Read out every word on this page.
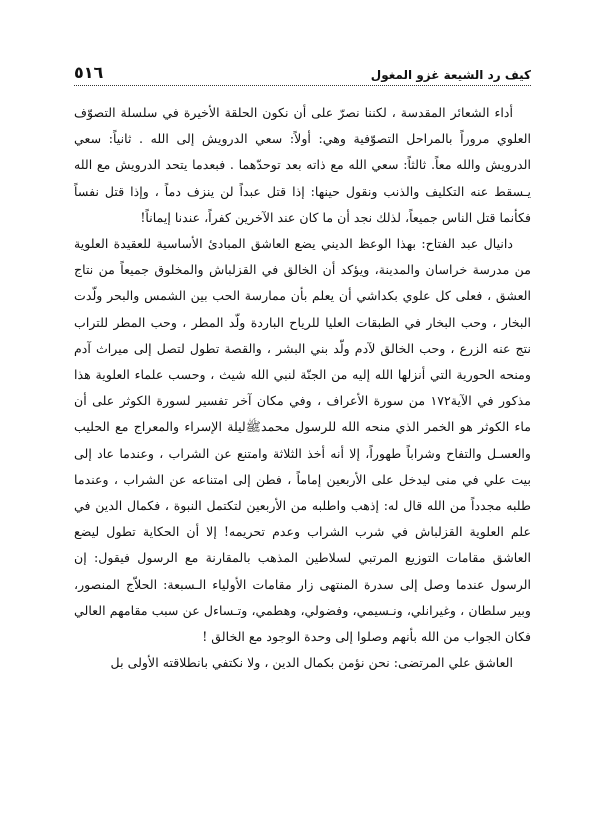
٥١٦	كيف رد الشيعة غزو المغول

أداء الشعائر المقدسة ، لكننا نصرّ على أن نكون الحلقة الأخيرة في سلسلة التصوّف العلوي مروراً بالمراحل التصوّفية وهي: أولاً: سعي الدرويش إلى الله . ثانياً: سعي الدرويش والله معاً. ثالثاً: سعي الله مع ذاته بعد توحدّهما . فبعدما يتحد الدرويش مع الله يـسقط عنه التكليف والذنب ونقول حينها: إذا قتل عبداً لن ينزف دماً ، وإذا قتل نفساً فكأنما قتل الناس جميعاً، لذلك نجد أن ما كان عند الآخرين كفراً، عندنا إيماناً!

دانيال عبد الفتاح: بهذا الوعظ الديني يضع العاشق المبادئ الأساسية للعقيدة العلوية من مدرسة خراسان والمدينة، ويؤكد أن الخالق في القزلباش والمخلوق جميعاً من نتاج العشق ، فعلى كل علوي بكداشي أن يعلم بأن ممارسة الحب بين الشمس والبحر ولّدت البخار ، وحب البخار في الطبقات العليا للرياح الباردة ولّد المطر ، وحب المطر للتراب نتج عنه الزرع ، وحب الخالق لآدم ولّد بني البشر ، والقصة تطول لتصل إلى ميراث آدم ومنحه الحورية التي أنزلها الله إليه من الجنّة لنبي الله شيث ، وحسب علماء العلوية هذا مذكور في الآية١٧٢ من سورة الأعراف ، وفي مكان آخر تفسير لسورة الكوثر على أن ماء الكوثر هو الخمر الذي منحه الله للرسول محمدﷺليلة الإسراء والمعراج مع الحليب والعسـل والتفاح وشراباً طهوراً، إلا أنه أخذ الثلاثة وامتنع عن الشراب ، وعندما عاد إلى بيت علي في منى ليدخل على الأربعين إماماً ، فطن إلى امتناعه عن الشراب ، وعندما طلبه مجدداً من الله قال له: إذهب واطلبه من الأربعين لتكتمل النبوة ، فكمال الدين في علم العلوية القزلباش في شرب الشراب وعدم تحريمه! إلا أن الحكاية تطول ليضع العاشق مقامات التوزيع المرتبي لسلاطين المذهب بالمقارنة مع الرسول فيقول: إن الرسول عندما وصل إلى سدرة المنتهى زار مقامات الأولياء الـسبعة: الحلاّج المنصور، وبير سلطان ، وغيرانلي، ونـسيمي، وفضولي، وهطمي، وتـساءل عن سبب مقامهم العالي فكان الجواب من الله بأنهم وصلوا إلى وحدة الوجود مع الخالق !

العاشق علي المرتضى: نحن نؤمن بكمال الدين ، ولا نكتفي بانطلاقته الأولى بل
